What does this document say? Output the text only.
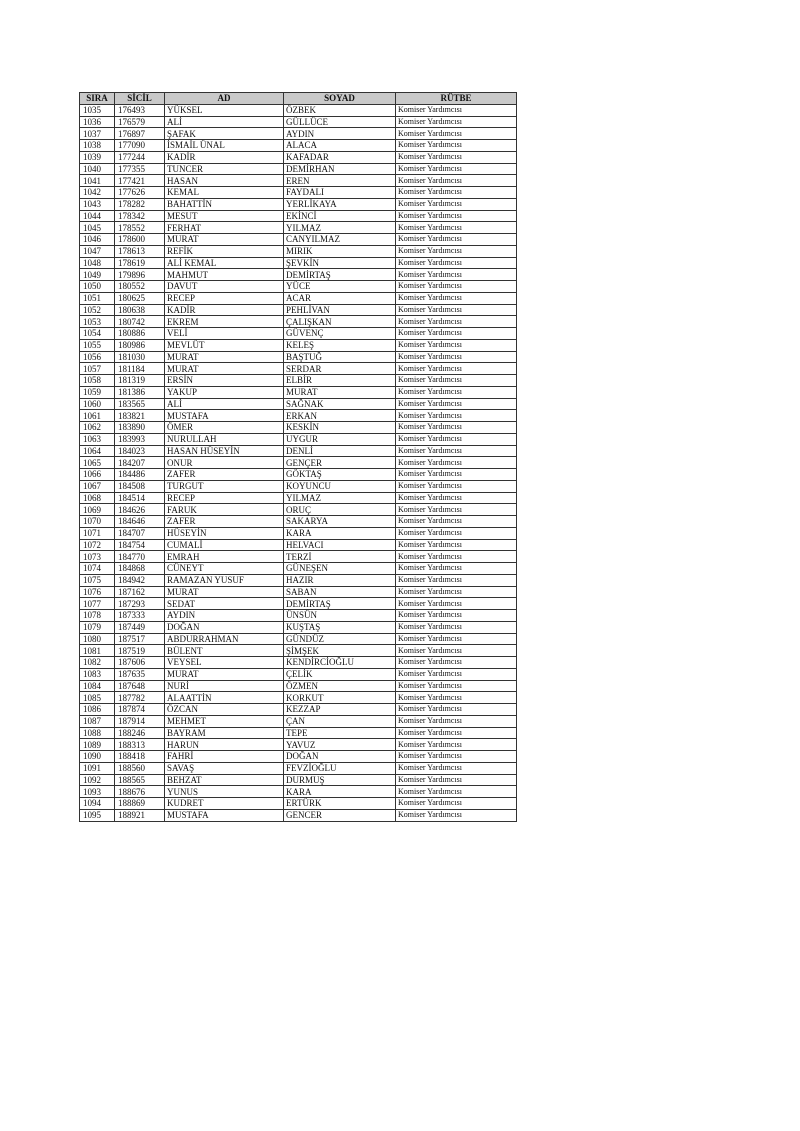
SIRA	SİCİL	AD	SOYAD	RÜTBE
1035	176493	YÜKSEL	ÖZBEK	Komiser Yardımcısı
1036	176579	ALİ	GÜLLÜCE	Komiser Yardımcısı
1037	176897	ŞAFAK	AYDIN	Komiser Yardımcısı
1038	177090	İSMAİL ÜNAL	ALACA	Komiser Yardımcısı
1039	177244	KADİR	KAFADAR	Komiser Yardımcısı
1040	177355	TUNCER	DEMİRHAN	Komiser Yardımcısı
1041	177421	HASAN	EREN	Komiser Yardımcısı
1042	177626	KEMAL	FAYDALI	Komiser Yardımcısı
1043	178282	BAHATTİN	YERLİKAYA	Komiser Yardımcısı
1044	178342	MESUT	EKİNCİ	Komiser Yardımcısı
1045	178552	FERHAT	YILMAZ	Komiser Yardımcısı
1046	178600	MURAT	CANYILMAZ	Komiser Yardımcısı
1047	178613	REFİK	MIRIK	Komiser Yardımcısı
1048	178619	ALİ KEMAL	ŞEVKİN	Komiser Yardımcısı
1049	179896	MAHMUT	DEMİRTAŞ	Komiser Yardımcısı
1050	180552	DAVUT	YÜCE	Komiser Yardımcısı
1051	180625	RECEP	ACAR	Komiser Yardımcısı
1052	180638	KADİR	PEHLİVAN	Komiser Yardımcısı
1053	180742	EKREM	ÇALIŞKAN	Komiser Yardımcısı
1054	180886	VELİ	GÜVENÇ	Komiser Yardımcısı
1055	180986	MEVLÜT	KELEŞ	Komiser Yardımcısı
1056	181030	MURAT	BAŞTUĞ	Komiser Yardımcısı
1057	181184	MURAT	SERDAR	Komiser Yardımcısı
1058	181319	ERSİN	ELBİR	Komiser Yardımcısı
1059	181386	YAKUP	MURAT	Komiser Yardımcısı
1060	183565	ALİ	SAĞNAK	Komiser Yardımcısı
1061	183821	MUSTAFA	ERKAN	Komiser Yardımcısı
1062	183890	ÖMER	KESKİN	Komiser Yardımcısı
1063	183993	NURULLAH	UYGUR	Komiser Yardımcısı
1064	184023	HASAN HÜSEYİN	DENLİ	Komiser Yardımcısı
1065	184207	ONUR	GENÇER	Komiser Yardımcısı
1066	184486	ZAFER	GÖKTAŞ	Komiser Yardımcısı
1067	184508	TURGUT	KOYUNCU	Komiser Yardımcısı
1068	184514	RECEP	YILMAZ	Komiser Yardımcısı
1069	184626	FARUK	ORUÇ	Komiser Yardımcısı
1070	184646	ZAFER	SAKARYA	Komiser Yardımcısı
1071	184707	HÜSEYİN	KARA	Komiser Yardımcısı
1072	184754	CUMALİ	HELVACI	Komiser Yardımcısı
1073	184770	EMRAH	TERZİ	Komiser Yardımcısı
1074	184868	CÜNEYT	GÜNEŞEN	Komiser Yardımcısı
1075	184942	RAMAZAN YUSUF	HAZIR	Komiser Yardımcısı
1076	187162	MURAT	SABAN	Komiser Yardımcısı
1077	187293	SEDAT	DEMİRTAŞ	Komiser Yardımcısı
1078	187333	AYDIN	ÜNSÜN	Komiser Yardımcısı
1079	187449	DOĞAN	KUŞTAŞ	Komiser Yardımcısı
1080	187517	ABDURRAHMAN	GÜNDÜZ	Komiser Yardımcısı
1081	187519	BÜLENT	ŞİMŞEK	Komiser Yardımcısı
1082	187606	VEYSEL	KENDİRCİOĞLU	Komiser Yardımcısı
1083	187635	MURAT	ÇELİK	Komiser Yardımcısı
1084	187648	NURİ	ÖZMEN	Komiser Yardımcısı
1085	187782	ALAATTİN	KORKUT	Komiser Yardımcısı
1086	187874	ÖZCAN	KEZZAP	Komiser Yardımcısı
1087	187914	MEHMET	ÇAN	Komiser Yardımcısı
1088	188246	BAYRAM	TEPE	Komiser Yardımcısı
1089	188313	HARUN	YAVUZ	Komiser Yardımcısı
1090	188418	FAHRİ	DOĞAN	Komiser Yardımcısı
1091	188560	SAVAŞ	FEVZİOĞLU	Komiser Yardımcısı
1092	188565	BEHZAT	DURMUŞ	Komiser Yardımcısı
1093	188676	YUNUS	KARA	Komiser Yardımcısı
1094	188869	KUDRET	ERTÜRK	Komiser Yardımcısı
1095	188921	MUSTAFA	GENCER	Komiser Yardımcısı
